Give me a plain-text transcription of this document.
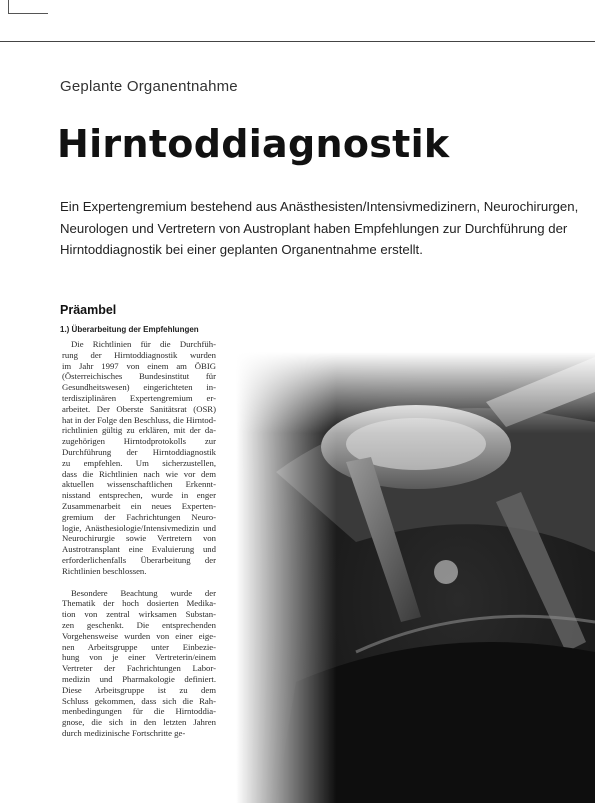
Geplante Organentnahme
Hirntoddiagnostik
Ein Expertengremium bestehend aus Anästhesisten/Intensivmedizinern, Neurochirurgen,
Neurologen und Vertretern von Austroplant haben Empfehlungen zur Durchführung der
Hirntoddiagnostik bei einer geplanten Organentnahme erstellt.
Präambel
1.) Überarbeitung der Empfehlungen
Die Richtlinien für die Durchfüh-
rung der Hirntoddiagnostik wurden
im Jahr 1997 von einem am ÖBIG
(Österreichisches Bundesinstitut für
Gesundheitswesen) eingerichteten in-
terdisziplinären Expertengremium er-
arbeitet. Der Oberste Sanitätsrat (OSR)
hat in der Folge den Beschluss, die Hirntod-
richtlinien gültig zu erklären, mit der da-
zugehörigen Hirntodprotokolls zur
Durchführung der Hirntoddiagnostik
zu empfehlen. Um sicherzustellen,
dass die Richtlinien nach wie vor dem
aktuellen wissenschaftlichen Erkennt-
nisstand entsprechen, wurde in enger
Zusammenarbeit ein neues Experten-
gremium der Fachrichtungen Neuro-
logie, Anästhesiologie/Intensivmedizin und
Neurochirurgie sowie Vertretern von
Austrotransplant eine Evaluierung und
erforderlichenfalls Überarbeitung der
Richtlinien beschlossen.
Besondere Beachtung wurde der
Thematik der hoch dosierten Medika-
tion von zentral wirksamen Substan-
zen geschenkt. Die entsprechenden
Vorgehensweise wurden von einer eige-
nen Arbeitsgruppe unter Einbezie-
hung von je einer Vertreterin/einem
Vertreter der Fachrichtungen Labor-
medizin und Pharmakologie definiert.
Diese Arbeitsgruppe ist zu dem
Schluss gekommen, dass sich die Rah-
menbedingungen für die Hirntoddia-
gnose, die sich in den letzten Jahren
durch medizinische Fortschritte ge-
